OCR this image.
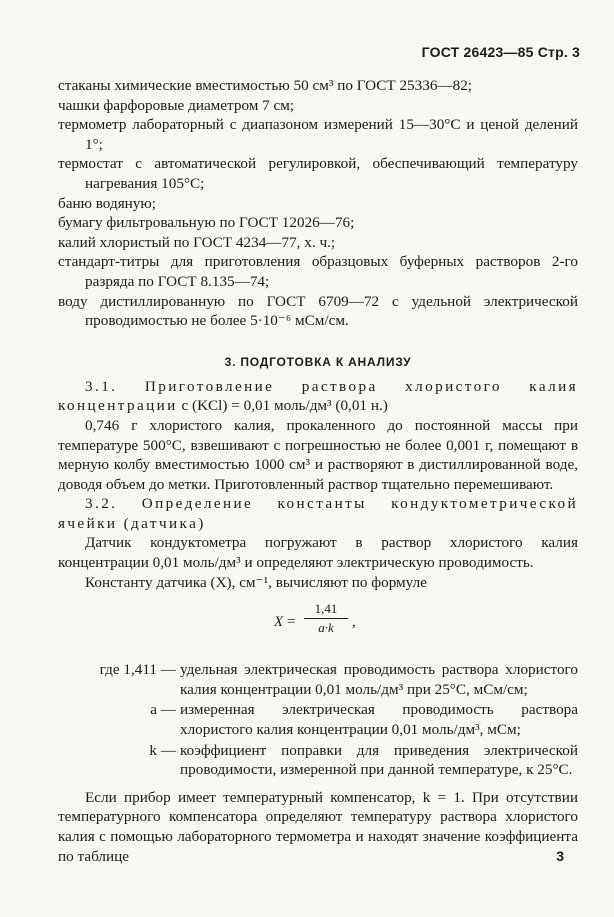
ГОСТ 26423—85 Стр. 3

стаканы химические вместимостью 50 см³ по ГОСТ 25336—82;

чашки фарфоровые диаметром 7 см;

термометр лабораторный с диапазоном измерений 15—30°С и ценой делений 1°;

термостат с автоматической регулировкой, обеспечивающий температуру нагревания 105°С;

баню водяную;

бумагу фильтровальную по ГОСТ 12026—76;

калий хлористый по ГОСТ 4234—77, х. ч.;

стандарт-титры для приготовления образцовых буферных растворов 2-го разряда по ГОСТ 8.135—74;

воду дистиллированную по ГОСТ 6709—72 с удельной электрической проводимостью не более 5·10⁻⁶ мСм/см.

3. ПОДГОТОВКА К АНАЛИЗУ

3.1. Приготовление раствора хлористого калия концентрации с (KCl) = 0,01 моль/дм³ (0,01 н.)

0,746 г хлористого калия, прокаленного до постоянной массы при температуре 500°С, взвешивают с погрешностью не более 0,001 г, помещают в мерную колбу вместимостью 1000 см³ и растворяют в дистиллированной воде, доводя объем до метки. Приготовленный раствор тщательно перемешивают.

3.2. Определение константы кондуктометрической ячейки (датчика)

Датчик кондуктометра погружают в раствор хлористого калия концентрации 0,01 моль/дм³ и определяют электрическую проводимость.

Константу датчика (X), см⁻¹, вычисляют по формуле

$X = \frac{1,41}{a\cdot k}$ ,
где 1,411 — удельная электрическая проводимость раствора хлористого калия концентрации 0,01 моль/дм³ при 25°С, мСм/см;
a — измеренная электрическая проводимость раствора хлористого калия концентрации 0,01 моль/дм³, мСм;
k — коэффициент поправки для приведения электрической проводимости, измеренной при данной температуре, к 25°С.

Если прибор имеет температурный компенсатор, k = 1. При отсутствии температурного компенсатора определяют температуру раствора хлористого калия с помощью лабораторного термометра и находят значение коэффициента по таблице	3
